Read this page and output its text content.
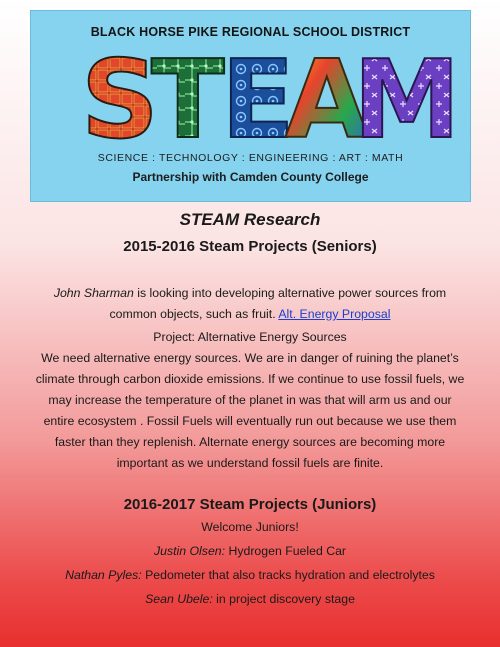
BLACK HORSE PIKE REGIONAL SCHOOL DISTRICT
S
T
E
A
M
SCIENCE : TECHNOLOGY : ENGINEERING : ART : MATH
Partnership with Camden County College
STEAM Research
2015-2016 Steam Projects (Seniors)

John Sharman is looking into developing alternative power sources from
common objects, such as fruit. Alt. Energy Proposal

Project: Alternative Energy Sources

We need alternative energy sources. We are in danger of ruining the planet’s
climate through carbon dioxide emissions. If we continue to use fossil fuels, we
may increase the temperature of the planet in was that will arm us and our
entire ecosystem . Fossil Fuels will eventually run out because we use them
faster than they replenish. Alternate energy sources are becoming more
important as we understand fossil fuels are finite.

2016-2017 Steam Projects (Juniors)

Welcome Juniors!

Justin Olsen: Hydrogen Fueled Car

Nathan Pyles: Pedometer that also tracks hydration and electrolytes

Sean Ubele: in project discovery stage
